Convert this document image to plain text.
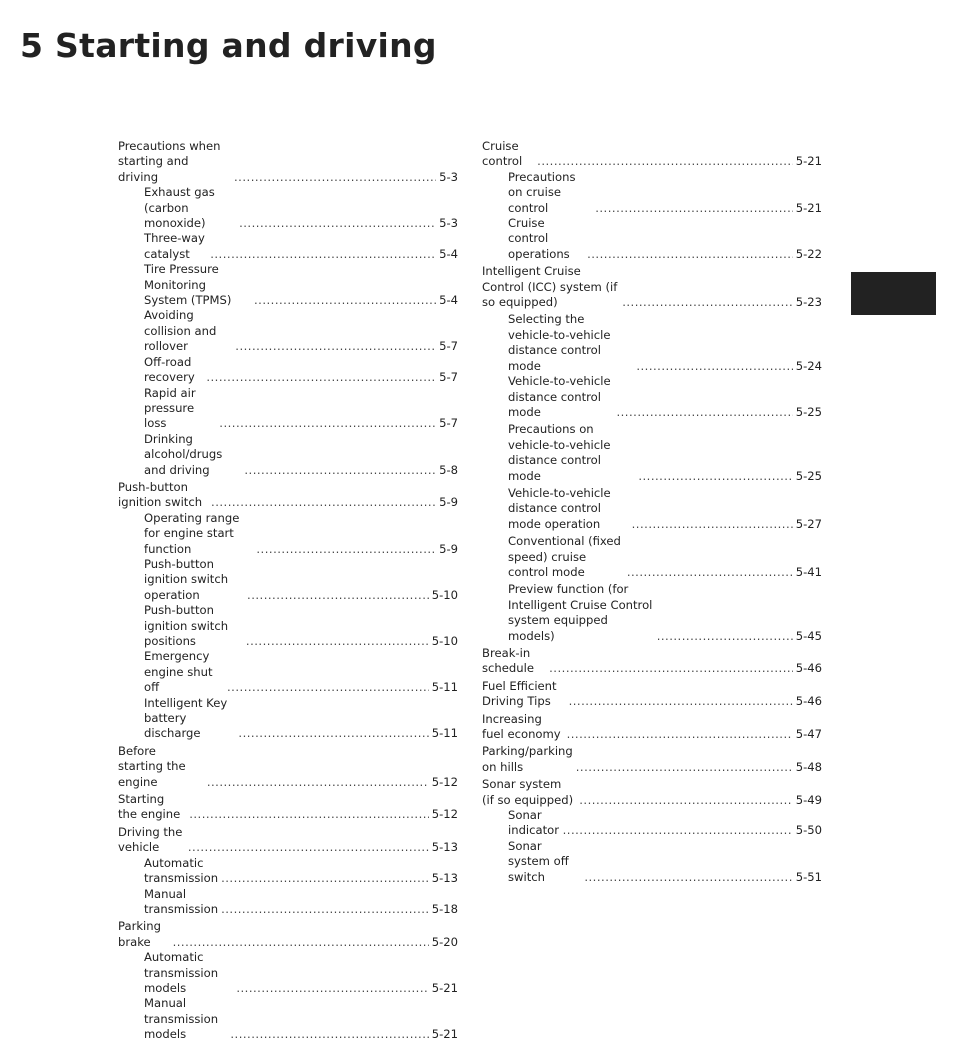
5 Starting and driving
Precautions when starting and driving . . .	5-3
Exhaust gas (carbon monoxide) . . .	5-3
Three-way catalyst . . .	5-4
Tire Pressure Monitoring System (TPMS) . . .	5-4
Avoiding collision and rollover . . .	5-7
Off-road recovery . . .	5-7
Rapid air pressure loss . . .	5-7
Drinking alcohol/drugs and driving . . .	5-8
Push-button ignition switch . . .	5-9
Operating range for engine start function . . .	5-9
Push-button ignition switch operation . . .	5-10
Push-button ignition switch positions . . .	5-10
Emergency engine shut off . . .	5-11
Intelligent Key battery discharge . . .	5-11
Before starting the engine . . .	5-12
Starting the engine . . .	5-12
Driving the vehicle . . .	5-13
Automatic transmission . . .	5-13
Manual transmission . . .	5-18
Parking brake . . .	5-20
Automatic transmission models . . .	5-21
Manual transmission models . . .	5-21
Cruise control . . .	5-21
Precautions on cruise control . . .	5-21
Cruise control operations . . .	5-22
Intelligent Cruise Control (ICC) system (if so equipped) . . .	5-23
Selecting the vehicle-to-vehicle distance control mode . . .	5-24
Vehicle-to-vehicle distance control mode . . .	5-25
Precautions on vehicle-to-vehicle distance control mode . . .	5-25
Vehicle-to-vehicle distance control mode operation . . .	5-27
Conventional (fixed speed) cruise control mode . . .	5-41
Preview function (for Intelligent Cruise Control system equipped models) . . .	5-45
Break-in schedule . . .	5-46
Fuel Efficient Driving Tips . . .	5-46
Increasing fuel economy . . .	5-47
Parking/parking on hills . . .	5-48
Sonar system (if so equipped) . . .	5-49
Sonar indicator . . .	5-50
Sonar system off switch . . .	5-51
